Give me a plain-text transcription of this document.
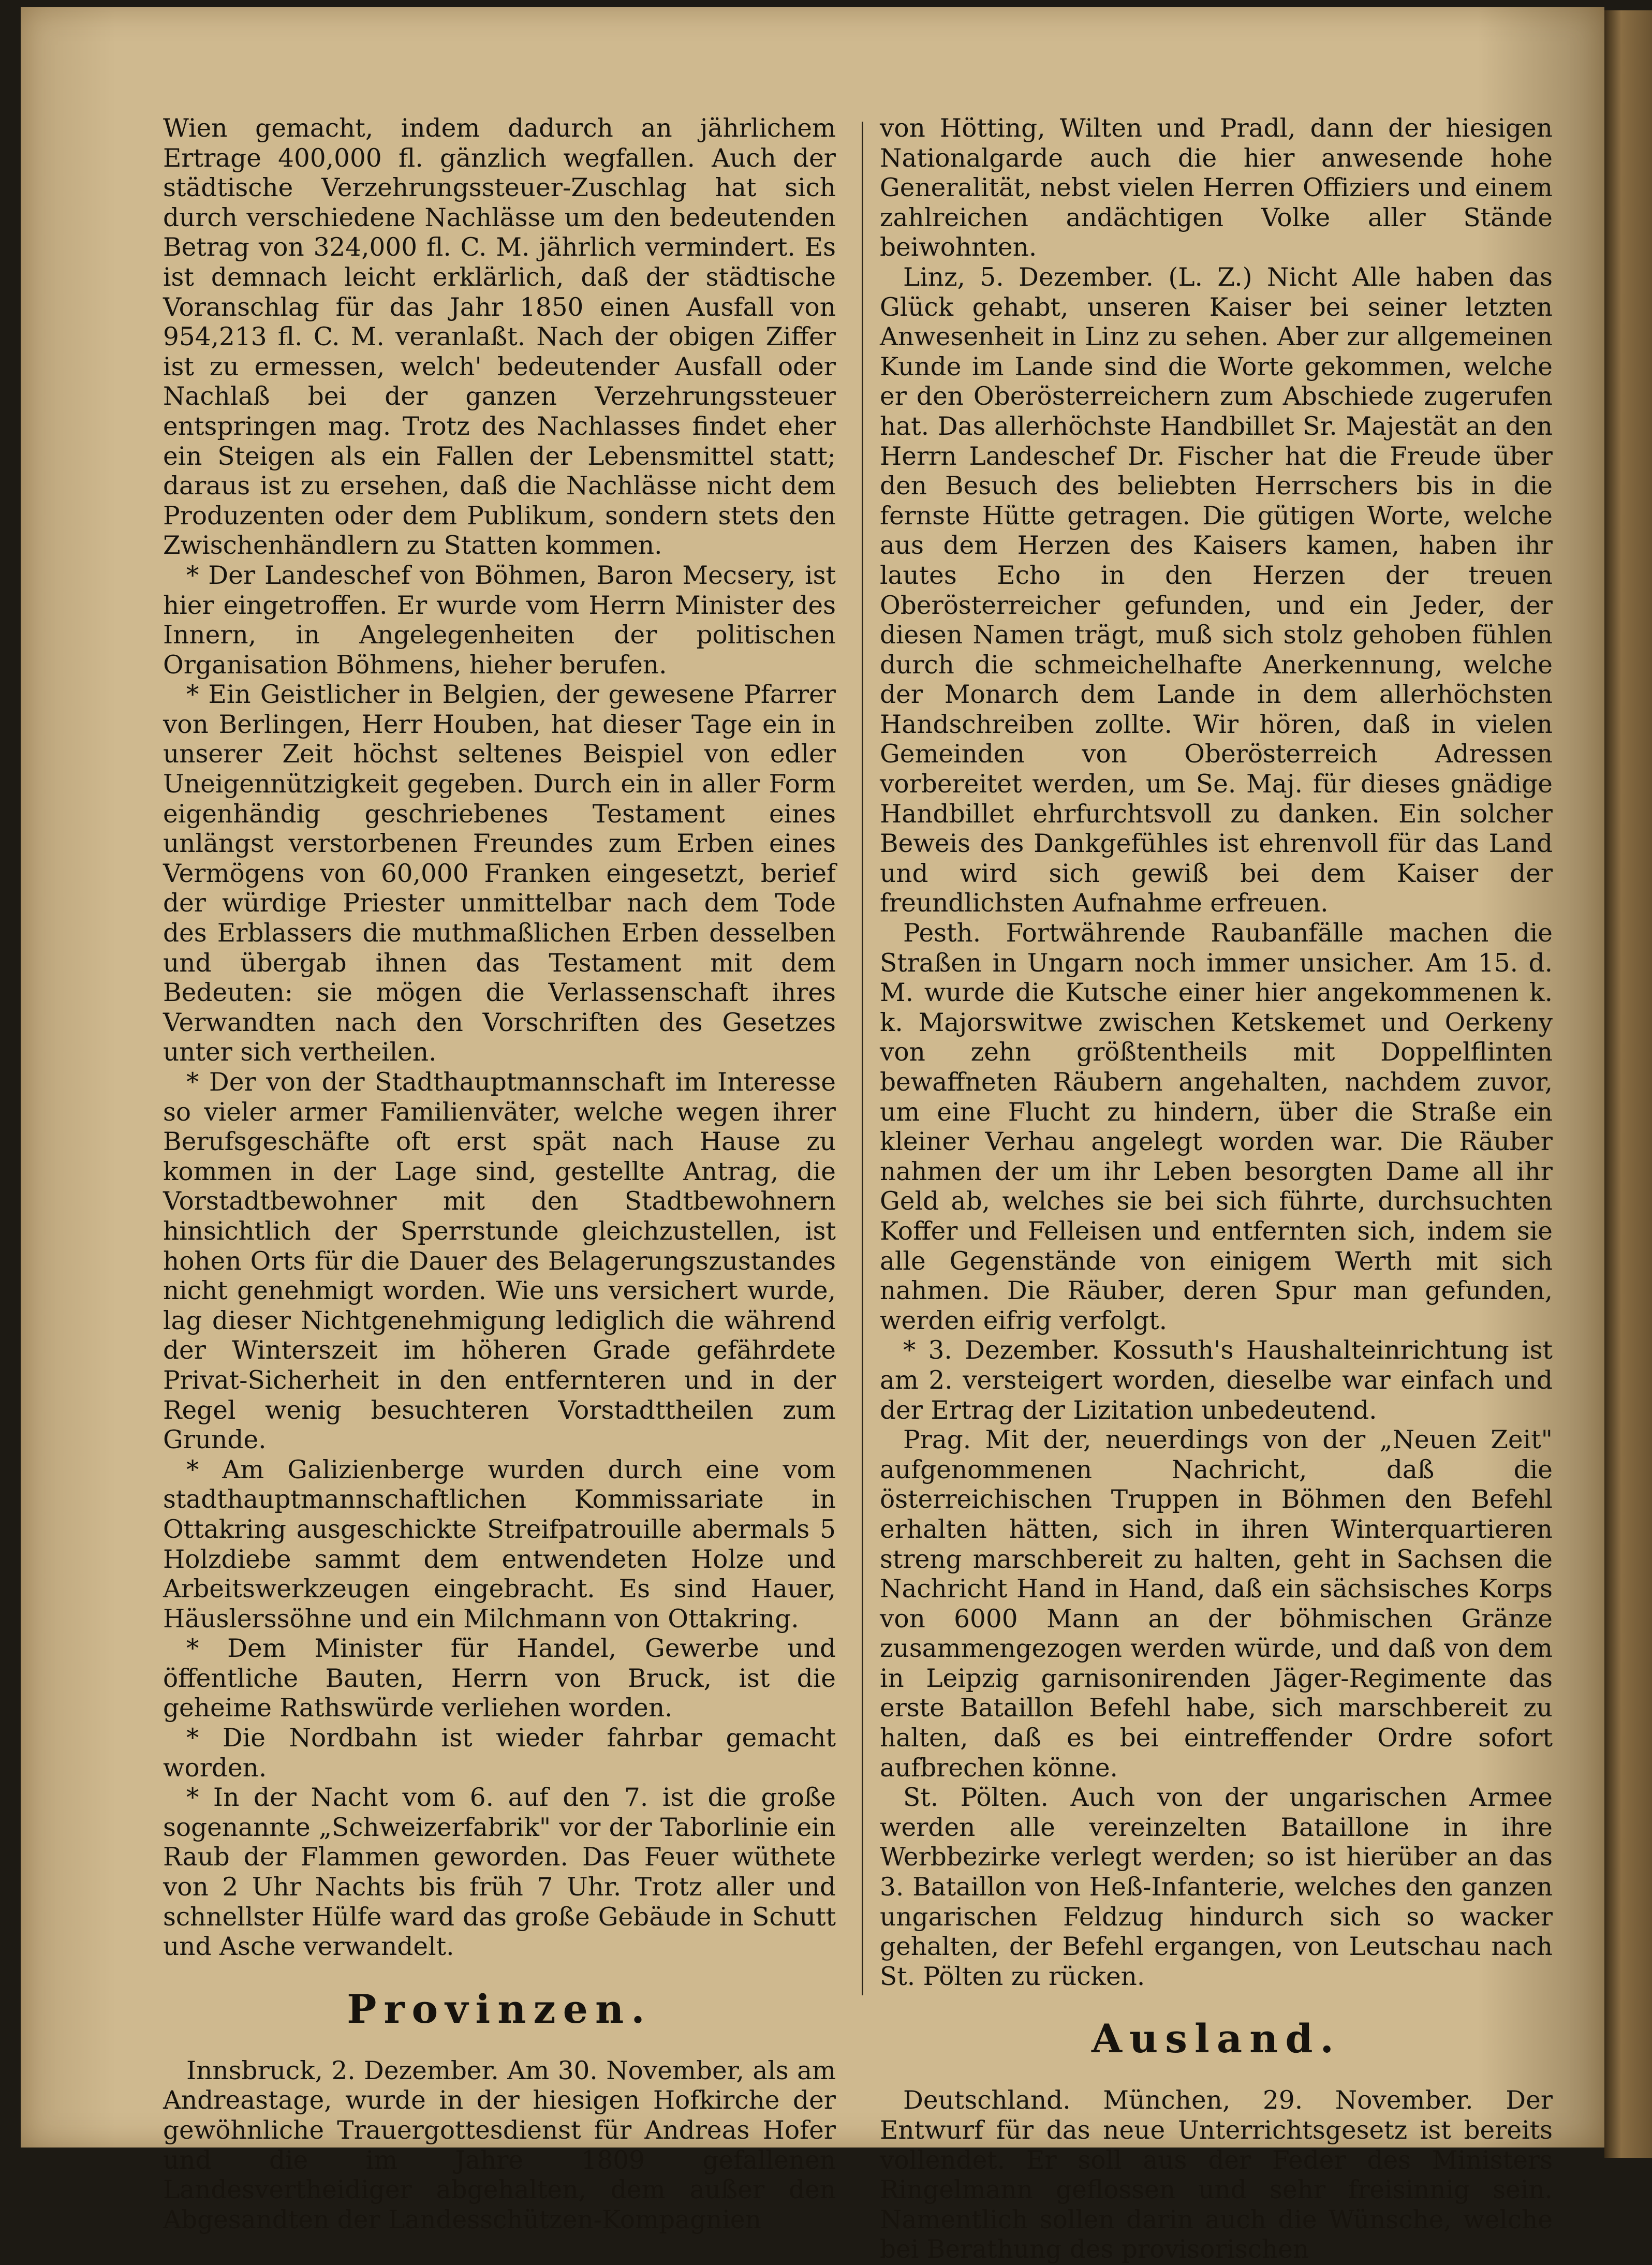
Wien gemacht, indem dadurch an jährlichem Ertrage 400,000 fl. gänzlich wegfallen. Auch der städtische Verzehrungssteuer-Zuschlag hat sich durch verschiedene Nachlässe um den bedeutenden Betrag von 324,000 fl. C. M. jährlich vermindert. Es ist demnach leicht erklärlich, daß der städtische Voranschlag für das Jahr 1850 einen Ausfall von 954,213 fl. C. M. veranlaßt. Nach der obigen Ziffer ist zu ermessen, welch' bedeutender Ausfall oder Nachlaß bei der ganzen Verzehrungssteuer entspringen mag. Trotz des Nachlasses findet eher ein Steigen als ein Fallen der Lebensmittel statt; daraus ist zu ersehen, daß die Nachlässe nicht dem Produzenten oder dem Publikum, sondern stets den Zwischenhändlern zu Statten kommen.

* Der Landeschef von Böhmen, Baron Mecsery, ist hier eingetroffen. Er wurde vom Herrn Minister des Innern, in Angelegenheiten der politischen Organisation Böhmens, hieher berufen.

* Ein Geistlicher in Belgien, der gewesene Pfarrer von Berlingen, Herr Houben, hat dieser Tage ein in unserer Zeit höchst seltenes Beispiel von edler Uneigennützigkeit gegeben. Durch ein in aller Form eigenhändig geschriebenes Testament eines unlängst verstorbenen Freundes zum Erben eines Vermögens von 60,000 Franken eingesetzt, berief der würdige Priester unmittelbar nach dem Tode des Erblassers die muthmaßlichen Erben desselben und übergab ihnen das Testament mit dem Bedeuten: sie mögen die Verlassenschaft ihres Verwandten nach den Vorschriften des Gesetzes unter sich vertheilen.

* Der von der Stadthauptmannschaft im Interesse so vieler armer Familienväter, welche wegen ihrer Berufsgeschäfte oft erst spät nach Hause zu kommen in der Lage sind, gestellte Antrag, die Vorstadtbewohner mit den Stadtbewohnern hinsichtlich der Sperrstunde gleichzustellen, ist hohen Orts für die Dauer des Belagerungszustandes nicht genehmigt worden. Wie uns versichert wurde, lag dieser Nichtgenehmigung lediglich die während der Winterszeit im höheren Grade gefährdete Privat-Sicherheit in den entfernteren und in der Regel wenig besuchteren Vorstadttheilen zum Grunde.

* Am Galizienberge wurden durch eine vom stadthauptmannschaftlichen Kommissariate in Ottakring ausgeschickte Streifpatrouille abermals 5 Holzdiebe sammt dem entwendeten Holze und Arbeitswerkzeugen eingebracht. Es sind Hauer, Häuslerssöhne und ein Milchmann von Ottakring.

* Dem Minister für Handel, Gewerbe und öffentliche Bauten, Herrn von Bruck, ist die geheime Rathswürde verliehen worden.

* Die Nordbahn ist wieder fahrbar gemacht worden.

* In der Nacht vom 6. auf den 7. ist die große sogenannte „Schweizerfabrik" vor der Taborlinie ein Raub der Flammen geworden. Das Feuer wüthete von 2 Uhr Nachts bis früh 7 Uhr. Trotz aller und schnellster Hülfe ward das große Gebäude in Schutt und Asche verwandelt.

Provinzen.

Innsbruck, 2. Dezember. Am 30. November, als am Andreastage, wurde in der hiesigen Hofkirche der gewöhnliche Trauergottesdienst für Andreas Hofer und die im Jahre 1809 gefallenen Landesvertheidiger abgehalten, dem außer den Abgesandten der Landesschützen-Kompagnien

von Hötting, Wilten und Pradl, dann der hiesigen Nationalgarde auch die hier anwesende hohe Generalität, nebst vielen Herren Offiziers und einem zahlreichen andächtigen Volke aller Stände beiwohnten.

Linz, 5. Dezember. (L. Z.) Nicht Alle haben das Glück gehabt, unseren Kaiser bei seiner letzten Anwesenheit in Linz zu sehen. Aber zur allgemeinen Kunde im Lande sind die Worte gekommen, welche er den Oberösterreichern zum Abschiede zugerufen hat. Das allerhöchste Handbillet Sr. Majestät an den Herrn Landeschef Dr. Fischer hat die Freude über den Besuch des beliebten Herrschers bis in die fernste Hütte getragen. Die gütigen Worte, welche aus dem Herzen des Kaisers kamen, haben ihr lautes Echo in den Herzen der treuen Oberösterreicher gefunden, und ein Jeder, der diesen Namen trägt, muß sich stolz gehoben fühlen durch die schmeichelhafte Anerkennung, welche der Monarch dem Lande in dem allerhöchsten Handschreiben zollte. Wir hören, daß in vielen Gemeinden von Oberösterreich Adressen vorbereitet werden, um Se. Maj. für dieses gnädige Handbillet ehrfurchtsvoll zu danken. Ein solcher Beweis des Dankgefühles ist ehrenvoll für das Land und wird sich gewiß bei dem Kaiser der freundlichsten Aufnahme erfreuen.

Pesth. Fortwährende Raubanfälle machen die Straßen in Ungarn noch immer unsicher. Am 15. d. M. wurde die Kutsche einer hier angekommenen k. k. Majorswitwe zwischen Ketskemet und Oerkeny von zehn größtentheils mit Doppelflinten bewaffneten Räubern angehalten, nachdem zuvor, um eine Flucht zu hindern, über die Straße ein kleiner Verhau angelegt worden war. Die Räuber nahmen der um ihr Leben besorgten Dame all ihr Geld ab, welches sie bei sich führte, durchsuchten Koffer und Felleisen und entfernten sich, indem sie alle Gegenstände von einigem Werth mit sich nahmen. Die Räuber, deren Spur man gefunden, werden eifrig verfolgt.

* 3. Dezember. Kossuth's Haushalteinrichtung ist am 2. versteigert worden, dieselbe war einfach und der Ertrag der Lizitation unbedeutend.

Prag. Mit der, neuerdings von der „Neuen Zeit" aufgenommenen Nachricht, daß die österreichischen Truppen in Böhmen den Befehl erhalten hätten, sich in ihren Winterquartieren streng marschbereit zu halten, geht in Sachsen die Nachricht Hand in Hand, daß ein sächsisches Korps von 6000 Mann an der böhmischen Gränze zusammengezogen werden würde, und daß von dem in Leipzig garnisonirenden Jäger-Regimente das erste Bataillon Befehl habe, sich marschbereit zu halten, daß es bei eintreffender Ordre sofort aufbrechen könne.

St. Pölten. Auch von der ungarischen Armee werden alle vereinzelten Bataillone in ihre Werbbezirke verlegt werden; so ist hierüber an das 3. Bataillon von Heß-Infanterie, welches den ganzen ungarischen Feldzug hindurch sich so wacker gehalten, der Befehl ergangen, von Leutschau nach St. Pölten zu rücken.

Ausland.

Deutschland. München, 29. November. Der Entwurf für das neue Unterrichtsgesetz ist bereits vollendet. Er soll aus der Feder des Ministers Ringelmann geflossen und sehr freisinnig sein. Namentlich sollen darin auch die Wünsche, welche bei Berathung des provisorischen
